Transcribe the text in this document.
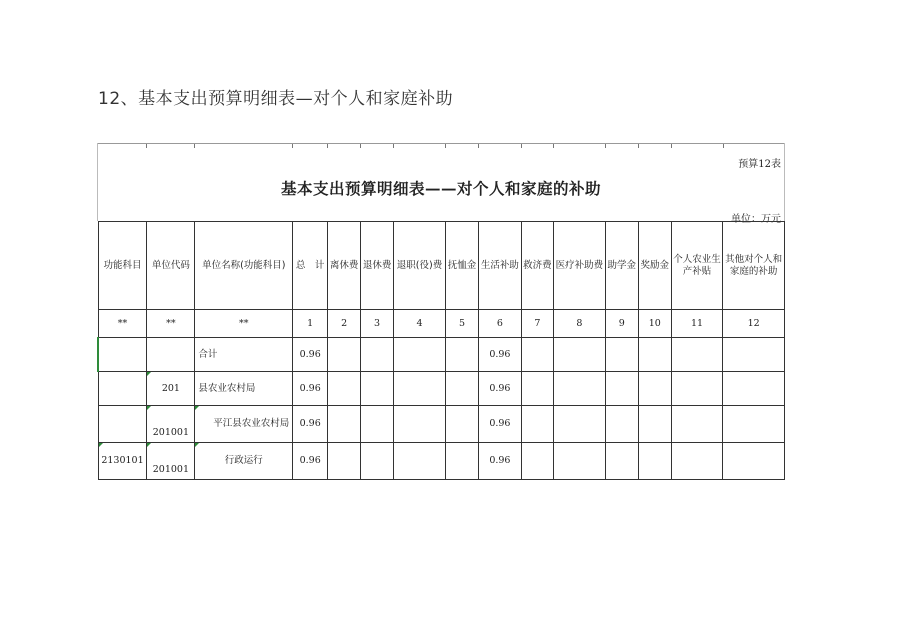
12、基本支出预算明细表—对个人和家庭补助
预算12表
基本支出预算明细表——对个人和家庭的补助
单位：万元
功能科目	单位代码	单位名称(功能科目)	总　计	离休费	退休费	退职(役)费	抚恤金	生活补助	救济费	医疗补助费	助学金	奖励金	个人农业生产补贴	其他对个人和家庭的补助
**	**	**	1	2	3	4	5	6	7	8	9	10	11	12
		合计	0.96					0.96						
	201	县农业农村局	0.96					0.96						
	201001	平江县农业农村局	0.96					0.96						
2130101	201001	行政运行	0.96					0.96						
